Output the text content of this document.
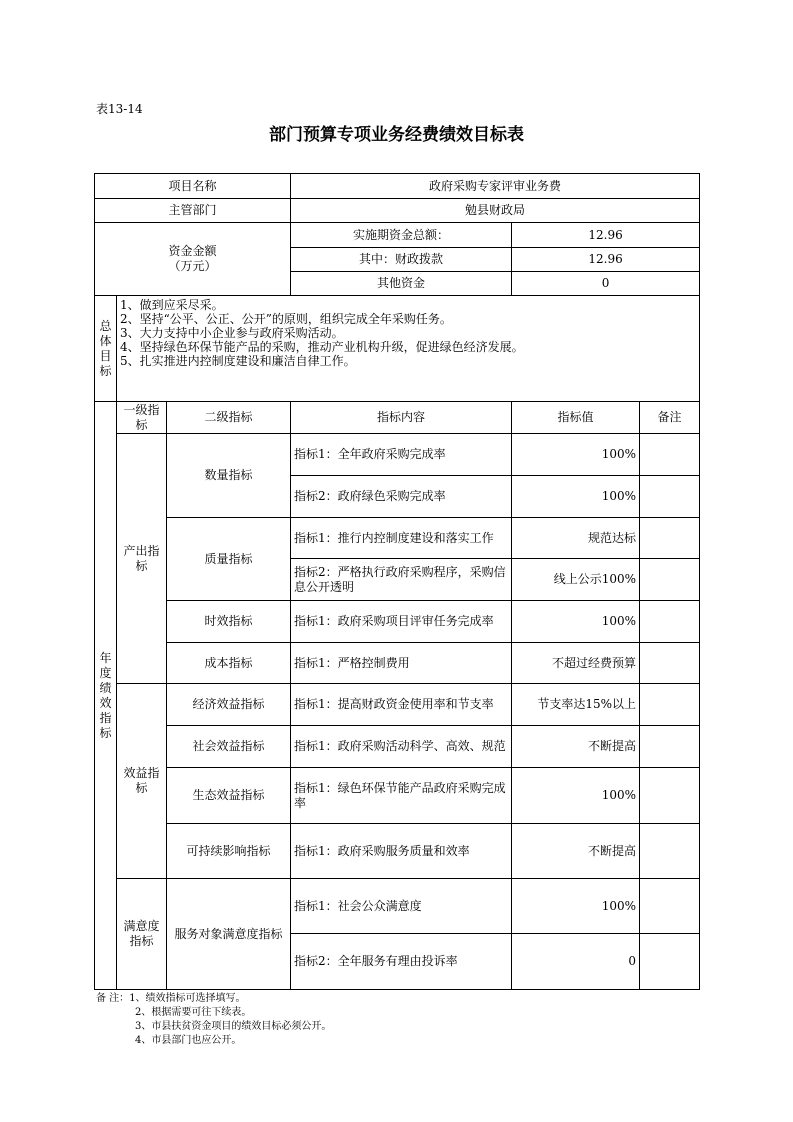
表13-14
部门预算专项业务经费绩效目标表
项目名称			政府采购专家评审业务费		
主管部门			勉县财政局		

资金金额
（万元）			实施期资金总额：	12.96	
			其中：财政拨款	12.96	
			其他资金	0	
总体目标	1、做到应采尽采。
2、坚持“公平、公正、公开”的原则，组织完成全年采购任务。
3、大力支持中小企业参与政府采购活动。
4、坚持绿色环保节能产品的采购，推动产业机构升级，促进绿色经济发展。
5、扎实推进内控制度建设和廉洁自律工作。				

年度绩效指标	一级指标	二级指标	指标内容	指标值	备注
	产出指标	数量指标	指标1：全年政府采购完成率	100%	
			指标2：政府绿色采购完成率	100%	
		质量指标	指标1：推行内控制度建设和落实工作	规范达标	
			指标2：严格执行政府采购程序，采购信息公开透明	线上公示100%	
		时效指标	指标1：政府采购项目评审任务完成率	100%	
		成本指标	指标1：严格控制费用	不超过经费预算	
	效益指标	经济效益指标	指标1：提高财政资金使用率和节支率	节支率达15%以上	
		社会效益指标	指标1：政府采购活动科学、高效、规范	不断提高	
		生态效益指标	指标1：绿色环保节能产品政府采购完成率	100%	
		可持续影响指标	指标1：政府采购服务质量和效率	不断提高	
	满意度指标	服务对象满意度指标	指标1：社会公众满意度	100%	
			指标2：全年服务有理由投诉率	0	
备 注：1、绩效指标可选择填写。
2、根据需要可往下续表。
3、市县扶贫资金项目的绩效目标必须公开。
4、市县部门也应公开。
